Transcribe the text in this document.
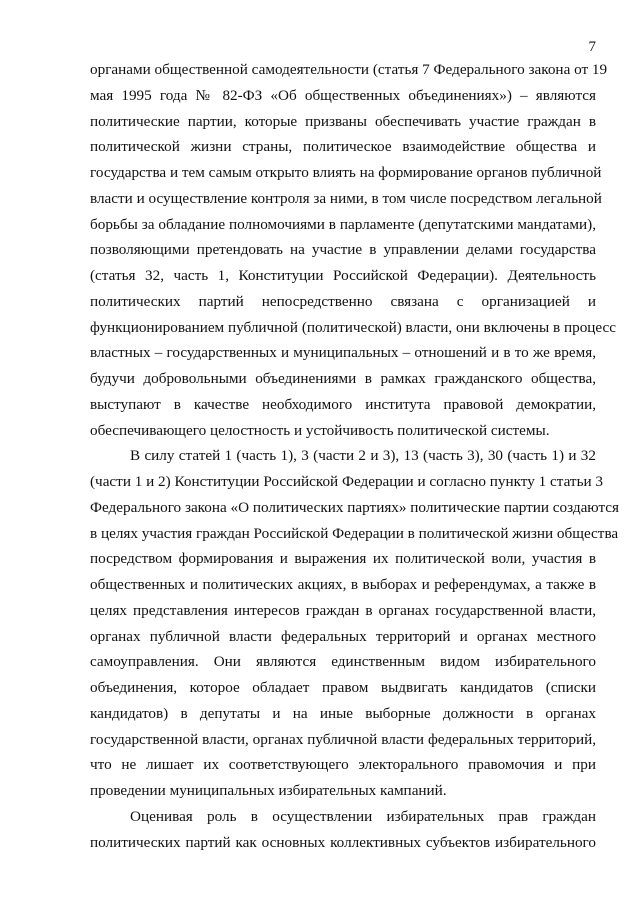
7
органами общественной самодеятельности (статья 7 Федерального закона от 19
мая 1995 года № 82-ФЗ «Об общественных объединениях») – являются
политические партии, которые призваны обеспечивать участие граждан в
политической жизни страны, политическое взаимодействие общества и
государства и тем самым открыто влиять на формирование органов публичной
власти и осуществление контроля за ними, в том числе посредством легальной
борьбы за обладание полномочиями в парламенте (депутатскими мандатами),
позволяющими претендовать на участие в управлении делами государства
(статья 32, часть 1, Конституции Российской Федерации). Деятельность
политических партий непосредственно связана с организацией и
функционированием публичной (политической) власти, они включены в процесс
властных – государственных и муниципальных – отношений и в то же время,
будучи добровольными объединениями в рамках гражданского общества,
выступают в качестве необходимого института правовой демократии,
обеспечивающего целостность и устойчивость политической системы.
В силу статей 1 (часть 1), 3 (части 2 и 3), 13 (часть 3), 30 (часть 1) и 32
(части 1 и 2) Конституции Российской Федерации и согласно пункту 1 статьи 3
Федерального закона «О политических партиях» политические партии создаются
в целях участия граждан Российской Федерации в политической жизни общества
посредством формирования и выражения их политической воли, участия в
общественных и политических акциях, в выборах и референдумах, а также в
целях представления интересов граждан в органах государственной власти,
органах публичной власти федеральных территорий и органах местного
самоуправления. Они являются единственным видом избирательного
объединения, которое обладает правом выдвигать кандидатов (списки
кандидатов) в депутаты и на иные выборные должности в органах
государственной власти, органах публичной власти федеральных территорий,
что не лишает их соответствующего электорального правомочия и при
проведении муниципальных избирательных кампаний.
Оценивая роль в осуществлении избирательных прав граждан
политических партий как основных коллективных субъектов избирательного
